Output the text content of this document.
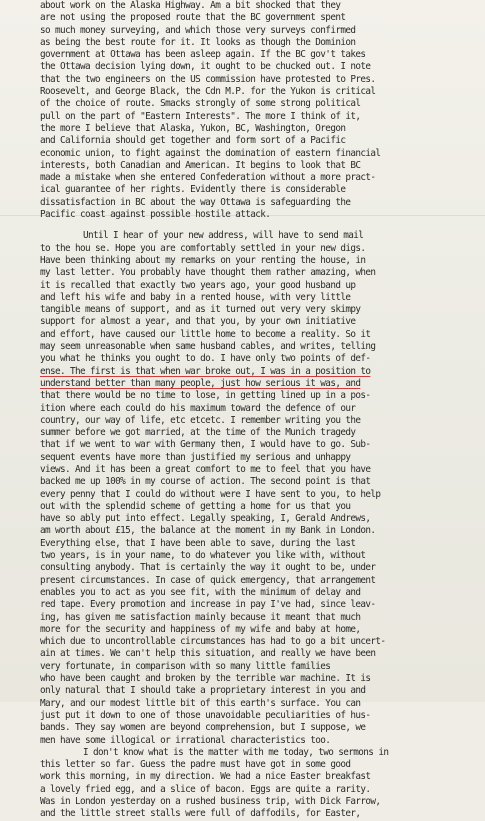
about work on the Alaska Highway. Am a bit shocked that they
are not using the proposed route that the BC government spent
so much money surveying, and which those very surveys confirmed
as being the best route for it. It looks as though the Dominion
government at Ottawa has been asleep again. If the BC gov't takes
the Ottawa decision lying down, it ought to be chucked out. I note
that the two engineers on the US commission have protested to Pres.
Roosevelt, and George Black, the Cdn M.P. for the Yukon is critical
of the choice of route. Smacks strongly of some strong political
pull on the part of "Eastern Interests". The more I think of it,
the more I believe that Alaska, Yukon, BC, Washington, Oregon
and California should get together and form sort of a Pacific
economic union, to fight against the domination of eastern financial
interests, both Canadian and American. It begins to look that BC
made a mistake when she entered Confederation without a more pract-
ical guarantee of her rights. Evidently there is considerable
dissatisfaction in BC about the way Ottawa is safeguarding the
Pacific coast against possible hostile attack.
Until I hear of your new address, will have to send mail
to the hou se. Hope you are comfortably settled in your new digs.
Have been thinking about my remarks on your renting the house, in
my last letter. You probably have thought them rather amazing, when
it is recalled that exactly two years ago, your good husband up
and left his wife and baby in a rented house, with very little
tangible means of support, and as it turned out very very skimpy
support for almost a year, and that you, by your own initiative
and effort, have caused our little home to become a reality. So it
may seem unreasonable when same husband cables, and writes, telling
you what he thinks you ought to do. I have only two points of def-
ense. The first is that when war broke out, I was in a position to
understand better than many people, just how serious it was, and
that there would be no time to lose, in getting lined up in a pos-
ition where each could do his maximum toward the defence of our
country, our way of life, etc etcetc. I remember writing you the
summer before we got married, at the time of the Munich tragedy
that if we went to war with Germany then, I would have to go. Sub-
sequent events have more than justified my serious and unhappy
views. And it has been a great comfort to me to feel that you have
backed me up 100% in my course of action. The second point is that
every penny that I could do without were I have sent to you, to help
out with the splendid scheme of getting a home for us that you
have so ably put into effect. Legally speaking, I, Gerald Andrews,
am worth about £15, the balance at the moment in my Bank in London.
Everything else, that I have been able to save, during the last
two years, is in your name, to do whatever you like with, without
consulting anybody. That is certainly the way it ought to be, under
present circumstances. In case of quick emergency, that arrangement
enables you to act as you see fit, with the minimum of delay and
red tape. Every promotion and increase in pay I've had, since leav-
ing, has given me satisfaction mainly because it meant that much
more for the security and happiness of my wife and baby at home,
which due to uncontrollable circumstances has had to go a bit uncert-
ain at times. We can't help this situation, and really we have been
very fortunate, in comparison with so many little families
who have been caught and broken by the terrible war machine. It is
only natural that I should take a proprietary interest in you and
Mary, and our modest little bit of this earth's surface. You can
just put it down to one of those unavoidable peculiarities of hus-
bands. They say women are beyond comprehension, but I suppose, we
men have some illogical or irrational characteristics too.
I don't know what is the matter with me today, two sermons in
this letter so far. Guess the padre must have got in some good
work this morning, in my direction. We had a nice Easter breakfast
a lovely fried egg, and a slice of bacon. Eggs are quite a rarity.
Was in London yesterday on a rushed business trip, with Dick Farrow,
and the little street stalls were full of daffodils, for Easter,
